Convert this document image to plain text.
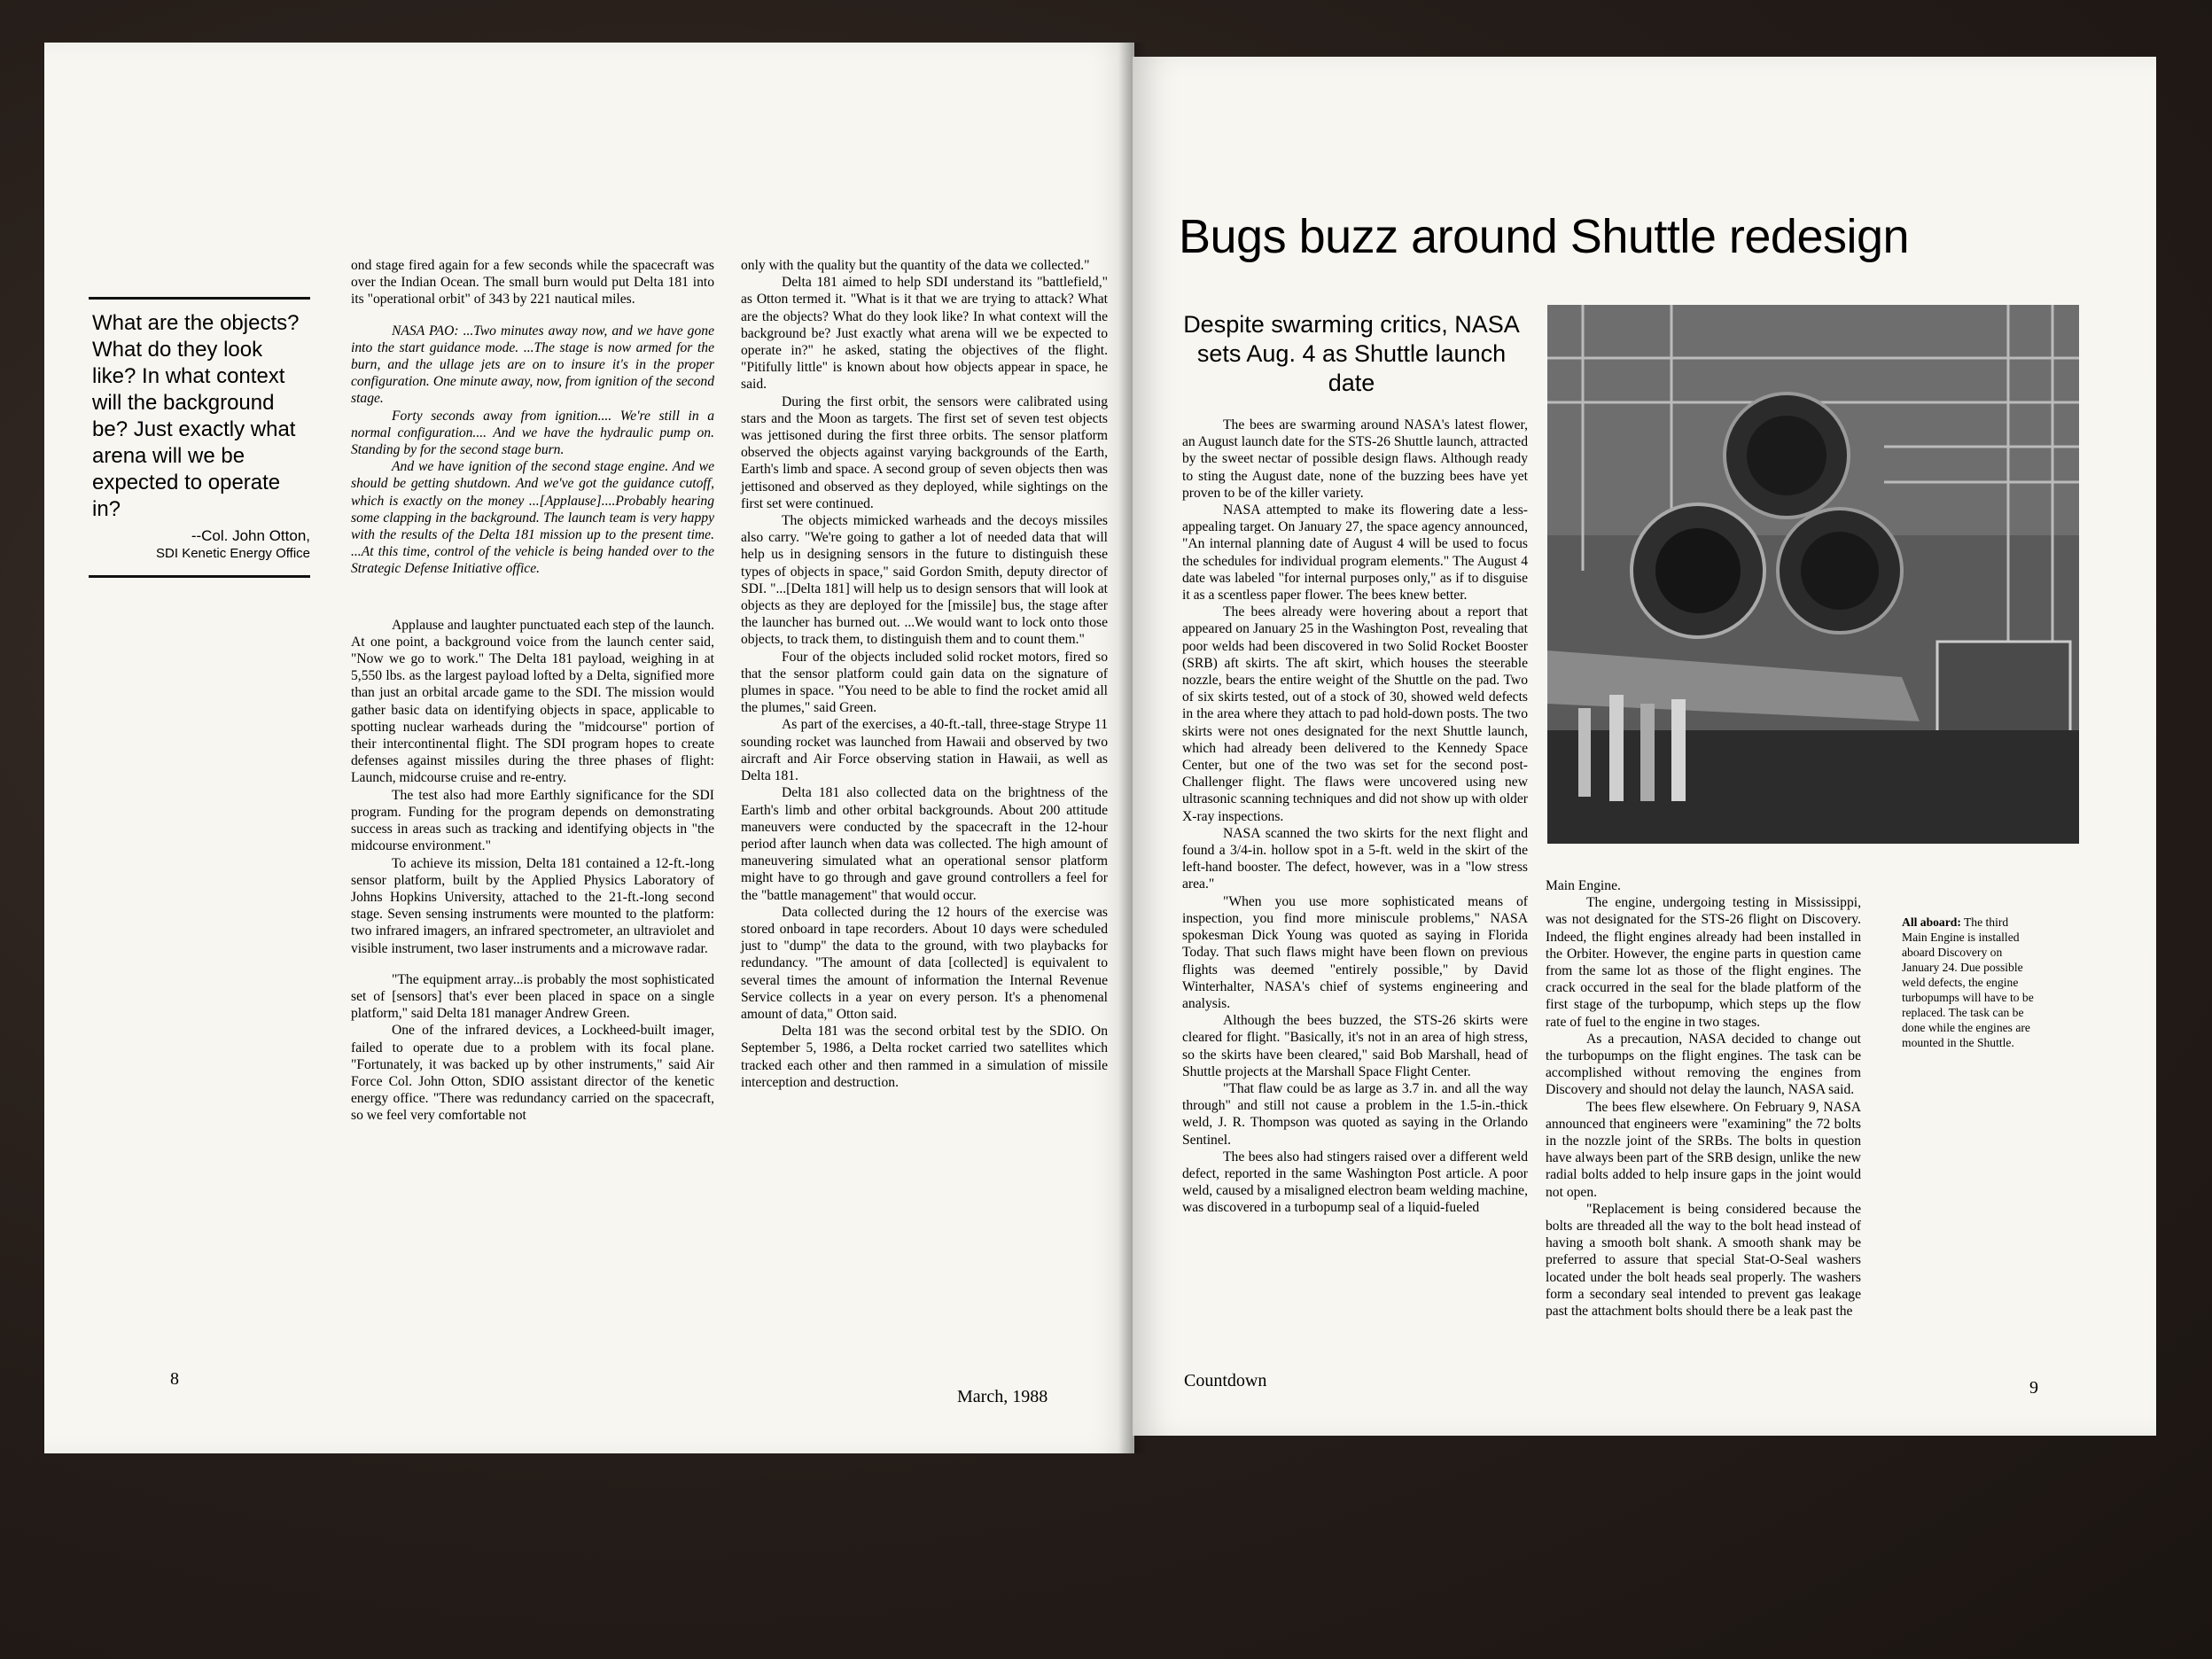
What are the objects? What do they look like? In what context will the background be? Just exactly what arena will we be expected to operate in?
--Col. John Otton,
SDI Kenetic Energy Office

ond stage fired again for a few seconds while the spacecraft was over the Indian Ocean. The small burn would put Delta 181 into its "operational orbit" of 343 by 221 nautical miles.

NASA PAO: ...Two minutes away now, and we have gone into the start guidance mode. ...The stage is now armed for the burn, and the ullage jets are on to insure it's in the proper configuration. One minute away, now, from ignition of the second stage.

Forty seconds away from ignition.... We're still in a normal configuration.... And we have the hydraulic pump on. Standing by for the second stage burn.

And we have ignition of the second stage engine. And we should be getting shutdown. And we've got the guidance cutoff, which is exactly on the money ...[Applause]....Probably hearing some clapping in the background. The launch team is very happy with the results of the Delta 181 mission up to the present time. ...At this time, control of the vehicle is being handed over to the Strategic Defense Initiative office.

Applause and laughter punctuated each step of the launch. At one point, a background voice from the launch center said, "Now we go to work." The Delta 181 payload, weighing in at 5,550 lbs. as the largest payload lofted by a Delta, signified more than just an orbital arcade game to the SDI. The mission would gather basic data on identifying objects in space, applicable to spotting nuclear warheads during the "midcourse" portion of their intercontinental flight. The SDI program hopes to create defenses against missiles during the three phases of flight: Launch, midcourse cruise and re-entry.

The test also had more Earthly significance for the SDI program. Funding for the program depends on demonstrating success in areas such as tracking and identifying objects in "the midcourse environment."

To achieve its mission, Delta 181 contained a 12-ft.-long sensor platform, built by the Applied Physics Laboratory of Johns Hopkins University, attached to the 21-ft.-long second stage. Seven sensing instruments were mounted to the platform: two infrared imagers, an infrared spectrometer, an ultraviolet and visible instrument, two laser instruments and a microwave radar.

"The equipment array...is probably the most sophisticated set of [sensors] that's ever been placed in space on a single platform," said Delta 181 manager Andrew Green.

One of the infrared devices, a Lockheed-built imager, failed to operate due to a problem with its focal plane. "Fortunately, it was backed up by other instruments," said Air Force Col. John Otton, SDIO assistant director of the kenetic energy office. "There was redundancy carried on the spacecraft, so we feel very comfortable not

only with the quality but the quantity of the data we collected."

Delta 181 aimed to help SDI understand its "battlefield," as Otton termed it. "What is it that we are trying to attack? What are the objects? What do they look like? In what context will the background be? Just exactly what arena will we be expected to operate in?" he asked, stating the objectives of the flight. "Pitifully little" is known about how objects appear in space, he said.

During the first orbit, the sensors were calibrated using stars and the Moon as targets. The first set of seven test objects was jettisoned during the first three orbits. The sensor platform observed the objects against varying backgrounds of the Earth, Earth's limb and space. A second group of seven objects then was jettisoned and observed as they deployed, while sightings on the first set were continued.

The objects mimicked warheads and the decoys missiles also carry. "We're going to gather a lot of needed data that will help us in designing sensors in the future to distinguish these types of objects in space," said Gordon Smith, deputy director of SDI. "...[Delta 181] will help us to design sensors that will look at objects as they are deployed for the [missile] bus, the stage after the launcher has burned out. ...We would want to lock onto those objects, to track them, to distinguish them and to count them."

Four of the objects included solid rocket motors, fired so that the sensor platform could gain data on the signature of plumes in space. "You need to be able to find the rocket amid all the plumes," said Green.

As part of the exercises, a 40-ft.-tall, three-stage Strype 11 sounding rocket was launched from Hawaii and observed by two aircraft and Air Force observing station in Hawaii, as well as Delta 181.

Delta 181 also collected data on the brightness of the Earth's limb and other orbital backgrounds. About 200 attitude maneuvers were conducted by the spacecraft in the 12-hour period after launch when data was collected. The high amount of maneuvering simulated what an operational sensor platform might have to go through and gave ground controllers a feel for the "battle management" that would occur.

Data collected during the 12 hours of the exercise was stored onboard in tape recorders. About 10 days were scheduled just to "dump" the data to the ground, with two playbacks for redundancy. "The amount of data [collected] is equivalent to several times the amount of information the Internal Revenue Service collects in a year on every person. It's a phenomenal amount of data," Otton said.

Delta 181 was the second orbital test by the SDIO. On September 5, 1986, a Delta rocket carried two satellites which tracked each other and then rammed in a simulation of missile interception and destruction.

8
March, 1988
Bugs buzz around Shuttle redesign
Despite swarming critics, NASA sets Aug. 4 as Shuttle launch date
All aboard: The third Main Engine is installed aboard Discovery on January 24. Due possible weld defects, the engine turbopumps will have to be replaced. The task can be done while the engines are mounted in the Shuttle.

The bees are swarming around NASA's latest flower, an August launch date for the STS-26 Shuttle launch, attracted by the sweet nectar of possible design flaws. Although ready to sting the August date, none of the buzzing bees have yet proven to be of the killer variety.

NASA attempted to make its flowering date a less-appealing target. On January 27, the space agency announced, "An internal planning date of August 4 will be used to focus the schedules for individual program elements." The August 4 date was labeled "for internal purposes only," as if to disguise it as a scentless paper flower. The bees knew better.

The bees already were hovering about a report that appeared on January 25 in the Washington Post, revealing that poor welds had been discovered in two Solid Rocket Booster (SRB) aft skirts. The aft skirt, which houses the steerable nozzle, bears the entire weight of the Shuttle on the pad. Two of six skirts tested, out of a stock of 30, showed weld defects in the area where they attach to pad hold-down posts. The two skirts were not ones designated for the next Shuttle launch, which had already been delivered to the Kennedy Space Center, but one of the two was set for the second post-Challenger flight. The flaws were uncovered using new ultrasonic scanning techniques and did not show up with older X-ray inspections.

NASA scanned the two skirts for the next flight and found a 3/4-in. hollow spot in a 5-ft. weld in the skirt of the left-hand booster. The defect, however, was in a "low stress area."

"When you use more sophisticated means of inspection, you find more miniscule problems," NASA spokesman Dick Young was quoted as saying in Florida Today. That such flaws might have been flown on previous flights was deemed "entirely possible," by David Winterhalter, NASA's chief of systems engineering and analysis.

Although the bees buzzed, the STS-26 skirts were cleared for flight. "Basically, it's not in an area of high stress, so the skirts have been cleared," said Bob Marshall, head of Shuttle projects at the Marshall Space Flight Center.

"That flaw could be as large as 3.7 in. and all the way through" and still not cause a problem in the 1.5-in.-thick weld, J. R. Thompson was quoted as saying in the Orlando Sentinel.

The bees also had stingers raised over a different weld defect, reported in the same Washington Post article. A poor weld, caused by a misaligned electron beam welding machine, was discovered in a turbopump seal of a liquid-fueled

Main Engine.

The engine, undergoing testing in Mississippi, was not designated for the STS-26 flight on Discovery. Indeed, the flight engines already had been installed in the Orbiter. However, the engine parts in question came from the same lot as those of the flight engines. The crack occurred in the seal for the blade platform of the first stage of the turbopump, which steps up the flow rate of fuel to the engine in two stages.

As a precaution, NASA decided to change out the turbopumps on the flight engines. The task can be accomplished without removing the engines from Discovery and should not delay the launch, NASA said.

The bees flew elsewhere. On February 9, NASA announced that engineers were "examining" the 72 bolts in the nozzle joint of the SRBs. The bolts in question have always been part of the SRB design, unlike the new radial bolts added to help insure gaps in the joint would not open.

"Replacement is being considered because the bolts are threaded all the way to the bolt head instead of having a smooth bolt shank. A smooth shank may be preferred to assure that special Stat-O-Seal washers located under the bolt heads seal properly. The washers form a secondary seal intended to prevent gas leakage past the attachment bolts should there be a leak past the

Countdown	9
